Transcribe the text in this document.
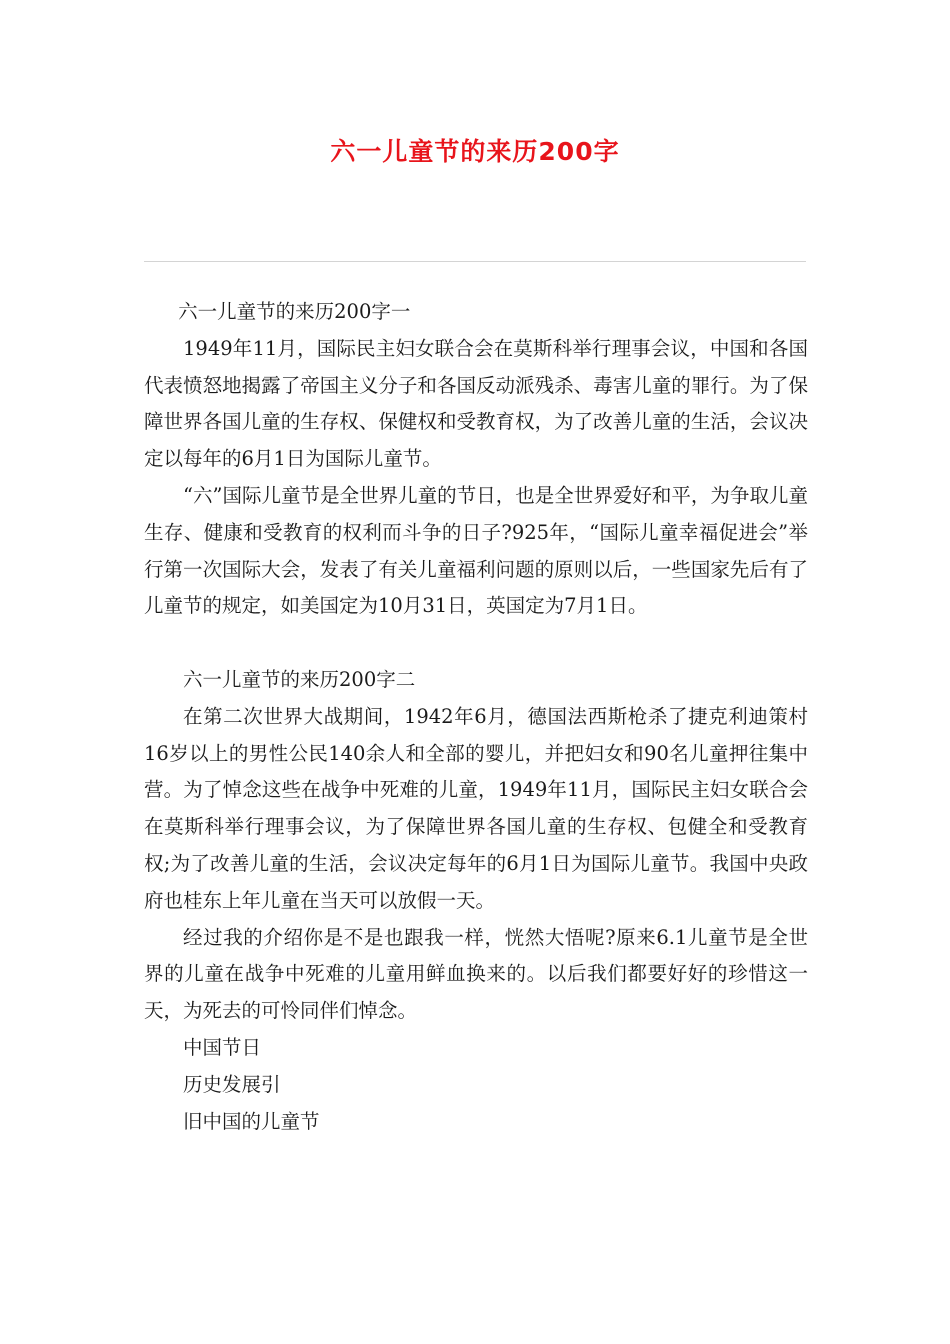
六一儿童节的来历200字

六一儿童节的来历200字一

1949年11月，国际民主妇女联合会在莫斯科举行理事会议，中国和各国代表愤怒地揭露了帝国主义分子和各国反动派残杀、毒害儿童的罪行。为了保障世界各国儿童的生存权、保健权和受教育权，为了改善儿童的生活，会议决定以每年的6月1日为国际儿童节。

“六”国际儿童节是全世界儿童的节日，也是全世界爱好和平，为争取儿童生存、健康和受教育的权利而斗争的日子?925年，“国际儿童幸福促进会”举行第一次国际大会，发表了有关儿童福利问题的原则以后，一些国家先后有了儿童节的规定，如美国定为10月31日，英国定为7月1日。

六一儿童节的来历200字二

在第二次世界大战期间，1942年6月，德国法西斯枪杀了捷克利迪策村16岁以上的男性公民140余人和全部的婴儿，并把妇女和90名儿童押往集中营。为了悼念这些在战争中死难的儿童，1949年11月，国际民主妇女联合会在莫斯科举行理事会议，为了保障世界各国儿童的生存权、包健全和受教育权;为了改善儿童的生活，会议决定每年的6月1日为国际儿童节。我国中央政府也桂东上年儿童在当天可以放假一天。

经过我的介绍你是不是也跟我一样，恍然大悟呢?原来6.1儿童节是全世界的儿童在战争中死难的儿童用鲜血换来的。以后我们都要好好的珍惜这一天，为死去的可怜同伴们悼念。

中国节日

历史发展引

旧中国的儿童节
